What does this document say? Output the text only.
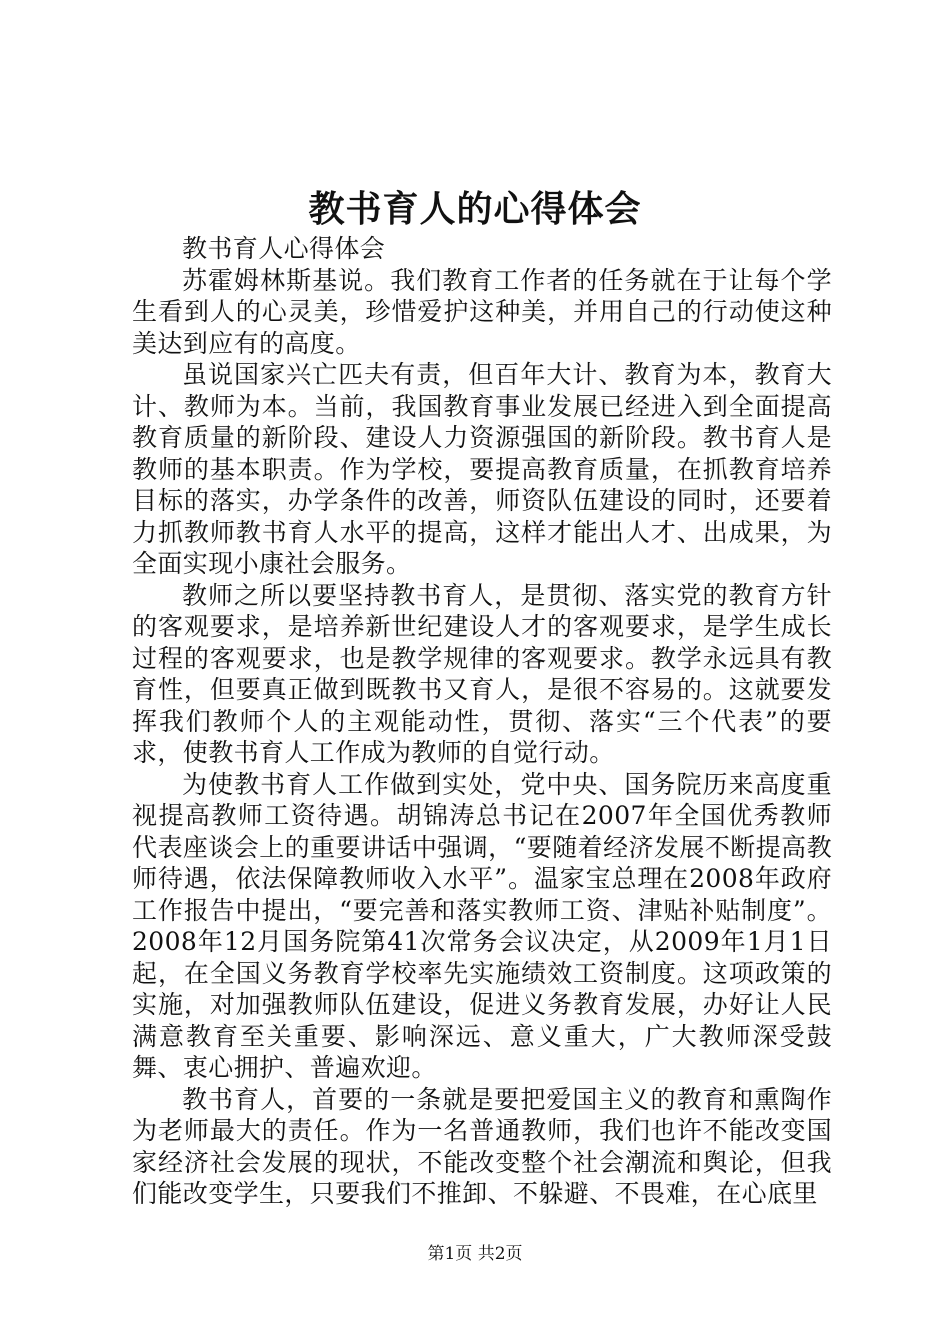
教书育人的心得体会

教书育人心得体会

苏霍姆林斯基说。我们教育工作者的任务就在于让每个学生看到人的心灵美，珍惜爱护这种美，并用自己的行动使这种美达到应有的高度。

虽说国家兴亡匹夫有责，但百年大计、教育为本，教育大计、教师为本。当前，我国教育事业发展已经进入到全面提高教育质量的新阶段、建设人力资源强国的新阶段。教书育人是教师的基本职责。作为学校，要提高教育质量，在抓教育培养目标的落实，办学条件的改善，师资队伍建设的同时，还要着力抓教师教书育人水平的提高，这样才能出人才、出成果，为全面实现小康社会服务。

教师之所以要坚持教书育人，是贯彻、落实党的教育方针的客观要求，是培养新世纪建设人才的客观要求，是学生成长过程的客观要求，也是教学规律的客观要求。教学永远具有教育性，但要真正做到既教书又育人，是很不容易的。这就要发挥我们教师个人的主观能动性，贯彻、落实“三个代表”的要求，使教书育人工作成为教师的自觉行动。

为使教书育人工作做到实处，党中央、国务院历来高度重视提高教师工资待遇。胡锦涛总书记在2007年全国优秀教师代表座谈会上的重要讲话中强调，“要随着经济发展不断提高教师待遇，依法保障教师收入水平”。温家宝总理在2008年政府工作报告中提出，“要完善和落实教师工资、津贴补贴制度”。2008年12月国务院第41次常务会议决定，从2009年1月1日起，在全国义务教育学校率先实施绩效工资制度。这项政策的实施，对加强教师队伍建设，促进义务教育发展，办好让人民满意教育至关重要、影响深远、意义重大，广大教师深受鼓舞、衷心拥护、普遍欢迎。

教书育人，首要的一条就是要把爱国主义的教育和熏陶作为老师最大的责任。作为一名普通教师，我们也许不能改变国家经济社会发展的现状，不能改变整个社会潮流和舆论，但我们能改变学生，只要我们不推卸、不躲避、不畏难，在心底里

第1页 共2页
